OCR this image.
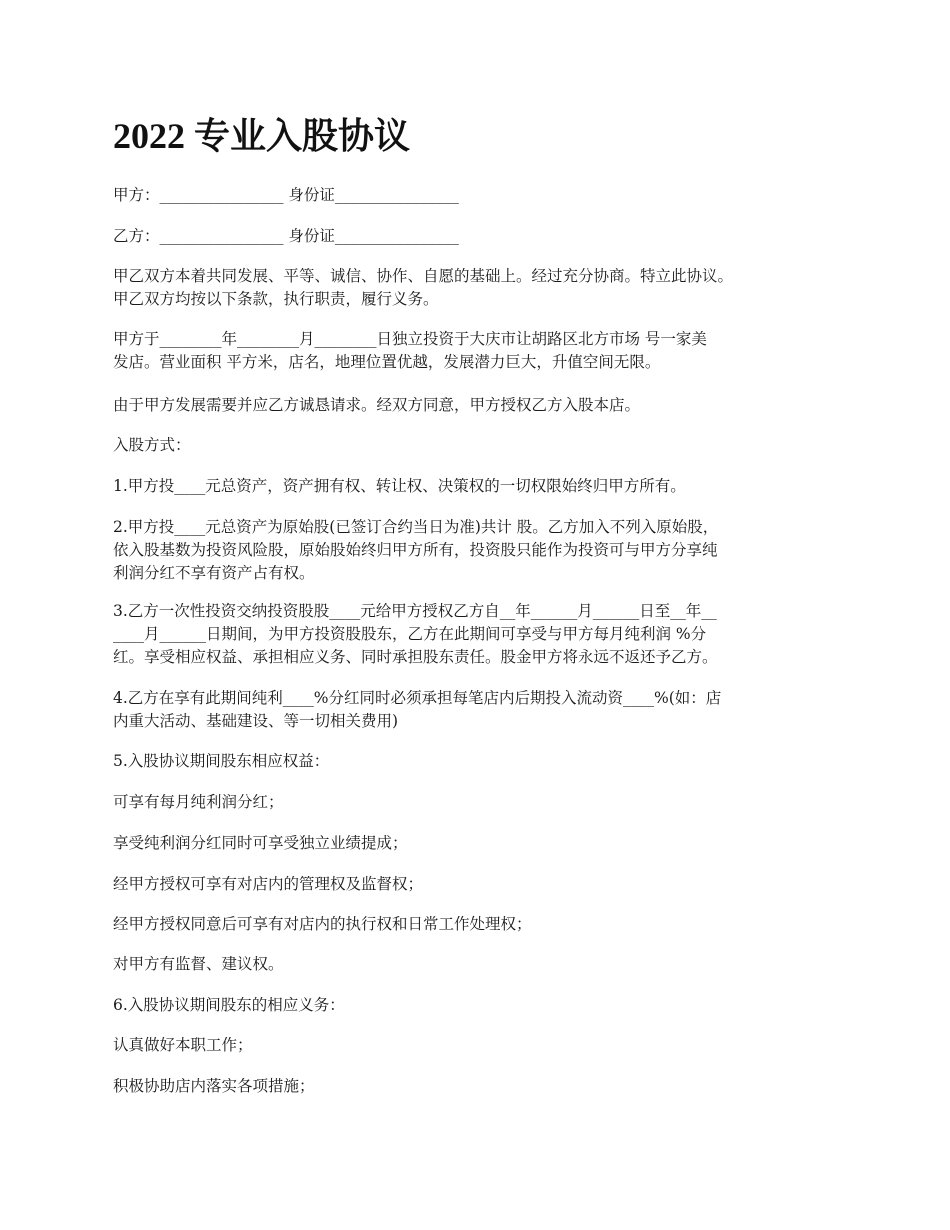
2022 专业入股协议

甲方：________________ 身份证________________

乙方：________________ 身份证________________

甲乙双方本着共同发展、平等、诚信、协作、自愿的基础上。经过充分协商。特立此协议。

甲乙双方均按以下条款，执行职责，履行义务。

甲方于________年________月________日独立投资于大庆市让胡路区北方市场 号一家美

发店。营业面积 平方米，店名，地理位置优越，发展潜力巨大，升值空间无限。

由于甲方发展需要并应乙方诚恳请求。经双方同意，甲方授权乙方入股本店。

入股方式：

1.甲方投____元总资产，资产拥有权、转让权、决策权的一切权限始终归甲方所有。

2.甲方投____元总资产为原始股(已签订合约当日为准)共计 股。乙方加入不列入原始股，

依入股基数为投资风险股，原始股始终归甲方所有，投资股只能作为投资可与甲方分享纯

利润分红不享有资产占有权。

3.乙方一次性投资交纳投资股股____元给甲方授权乙方自__年______月______日至__年__

____月______日期间，为甲方投资股股东，乙方在此期间可享受与甲方每月纯利润 %分

红。享受相应权益、承担相应义务、同时承担股东责任。股金甲方将永远不返还予乙方。

4.乙方在享有此期间纯利____%分红同时必须承担每笔店内后期投入流动资____%(如：店

内重大活动、基础建设、等一切相关费用)

5.入股协议期间股东相应权益：

可享有每月纯利润分红；

享受纯利润分红同时可享受独立业绩提成；

经甲方授权可享有对店内的管理权及监督权；

经甲方授权同意后可享有对店内的执行权和日常工作处理权；

对甲方有监督、建议权。

6.入股协议期间股东的相应义务：

认真做好本职工作；

积极协助店内落实各项措施；
